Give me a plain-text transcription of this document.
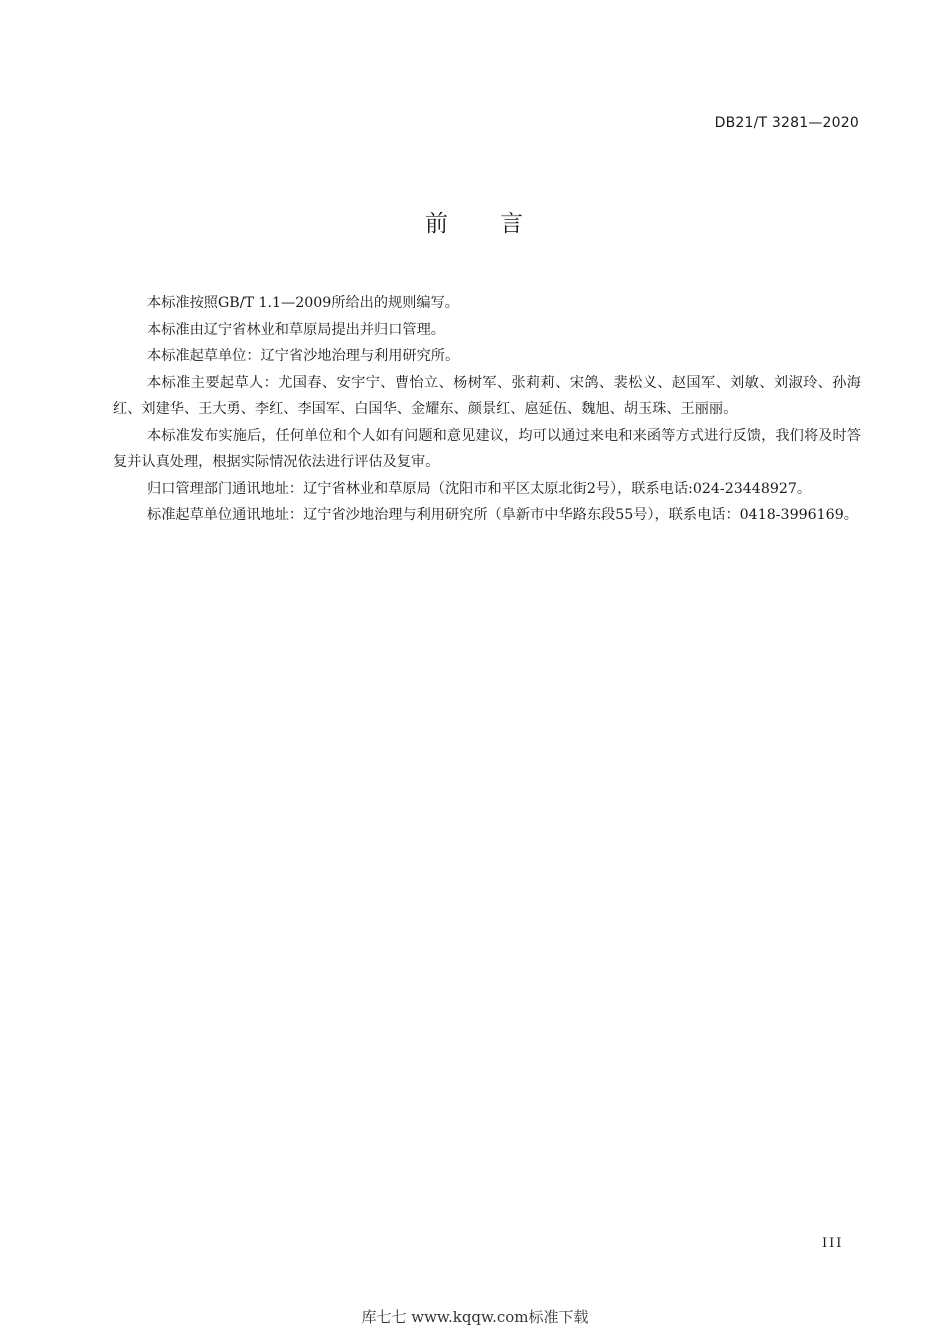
DB21/T 3281—2020
前 言

本标准按照GB/T 1.1—2009所给出的规则编写。

本标准由辽宁省林业和草原局提出并归口管理。

本标准起草单位：辽宁省沙地治理与利用研究所。

本标准主要起草人：尤国春、安宇宁、曹怡立、杨树军、张莉莉、宋鸽、裴松义、赵国军、刘敏、刘淑玲、孙海红、刘建华、王大勇、李红、李国军、白国华、金耀东、颜景红、扈延伍、魏旭、胡玉珠、王丽丽。

本标准发布实施后，任何单位和个人如有问题和意见建议，均可以通过来电和来函等方式进行反馈，我们将及时答复并认真处理，根据实际情况依法进行评估及复审。

归口管理部门通讯地址：辽宁省林业和草原局（沈阳市和平区太原北街2号），联系电话:024-23448927。

标准起草单位通讯地址：辽宁省沙地治理与利用研究所（阜新市中华路东段55号），联系电话：0418-3996169。

III
库七七 www.kqqw.com标准下载
